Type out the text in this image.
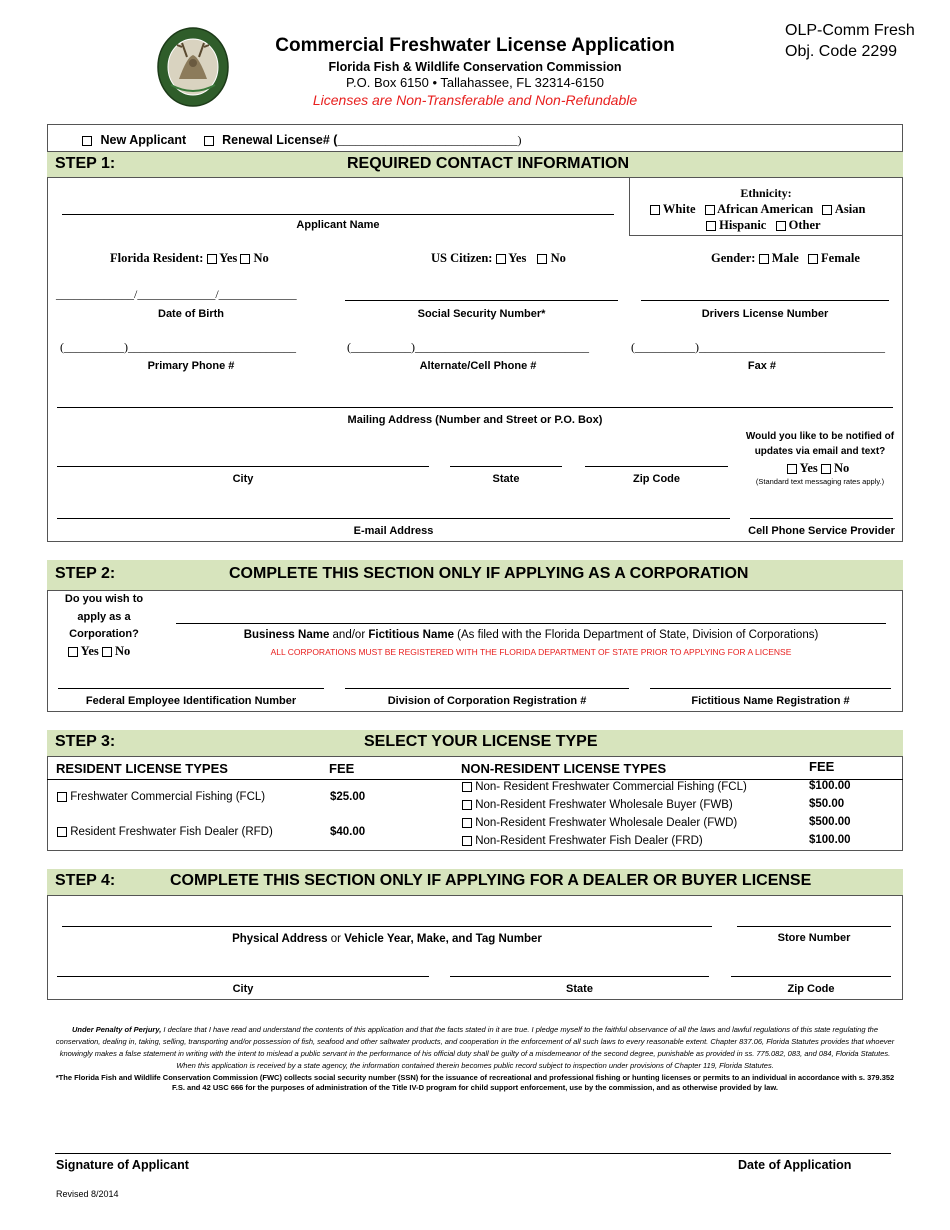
Commercial Freshwater License Application
Florida Fish & Wildlife Conservation Commission
P.O. Box 6150 • Tallahassee, FL 32314-6150
Licenses are Non-Transferable and Non-Refundable
OLP-Comm Fresh
Obj. Code 2299
New Applicant	Renewal License# (______________________________)
STEP 1:	REQUIRED CONTACT INFORMATION
Applicant Name
Ethnicity:
White African American Asian
Hispanic Other
Florida Resident: Yes No	US Citizen: Yes No	Gender: Male Female
_____________/_____________/_____________
Date of Birth	Social Security Number*	Drivers License Number
(__________)____________________________
Primary Phone #
(__________)_____________________________
Alternate/Cell Phone #
(__________)_______________________________
Fax #
Mailing Address (Number and Street or P.O. Box)
Would you like to be notified of
updates via email and text?
Yes No
(Standard text messaging rates apply.)
City	State	Zip Code
E-mail Address	Cell Phone Service Provider
STEP 2:	COMPLETE THIS SECTION ONLY IF APPLYING AS A CORPORATION
Do you wish to
apply as a
Corporation?
Yes No
Business Name and/or Fictitious Name (As filed with the Florida Department of State, Division of Corporations)
ALL CORPORATIONS MUST BE REGISTERED WITH THE FLORIDA DEPARTMENT OF STATE PRIOR TO APPLYING FOR A LICENSE
Federal Employee Identification Number	Division of Corporation Registration #	Fictitious Name Registration #
STEP 3:	SELECT YOUR LICENSE TYPE
RESIDENT LICENSE TYPES	FEE	NON-RESIDENT LICENSE TYPES	FEE
Freshwater Commercial Fishing (FCL)	$25.00
Resident Freshwater Fish Dealer (RFD)	$40.00
Non- Resident Freshwater Commercial Fishing (FCL)	$100.00
Non-Resident Freshwater Wholesale Buyer (FWB)	$50.00
Non-Resident Freshwater Wholesale Dealer (FWD)	$500.00
Non-Resident Freshwater Fish Dealer (FRD)	$100.00
STEP 4:	COMPLETE THIS SECTION ONLY IF APPLYING FOR A DEALER OR BUYER LICENSE
Physical Address or Vehicle Year, Make, and Tag Number	Store Number
City	State	Zip Code
Under Penalty of Perjury, I declare that I have read and understand the contents of this application and that the facts stated in it are true. I pledge myself to the faithful observance of all the laws and lawful regulations of this state regulating the conservation, dealing in, taking, selling, transporting and/or possession of fish, seafood and other saltwater products, and cooperation in the enforcement of all such laws to every reasonable extent. Chapter 837.06, Florida Statutes provides that whoever knowingly makes a false statement in writing with the intent to mislead a public servant in the performance of his official duty shall be guilty of a misdemeanor of the second degree, punishable as provided in ss. 775.082, 083, and 084, Florida Statutes. When this application is received by a state agency, the information contained therein becomes public record subject to inspection under provisions of Chapter 119, Florida Statutes.
*The Florida Fish and Wildlife Conservation Commission (FWC) collects social security number (SSN) for the issuance of recreational and professional fishing or hunting licenses or permits to an individual in accordance with s. 379.352 F.S. and 42 USC 666 for the purposes of administration of the Title IV-D program for child support enforcement, use by the commission, and as otherwise provided by law.
Signature of Applicant	Date of Application
Revised 8/2014
